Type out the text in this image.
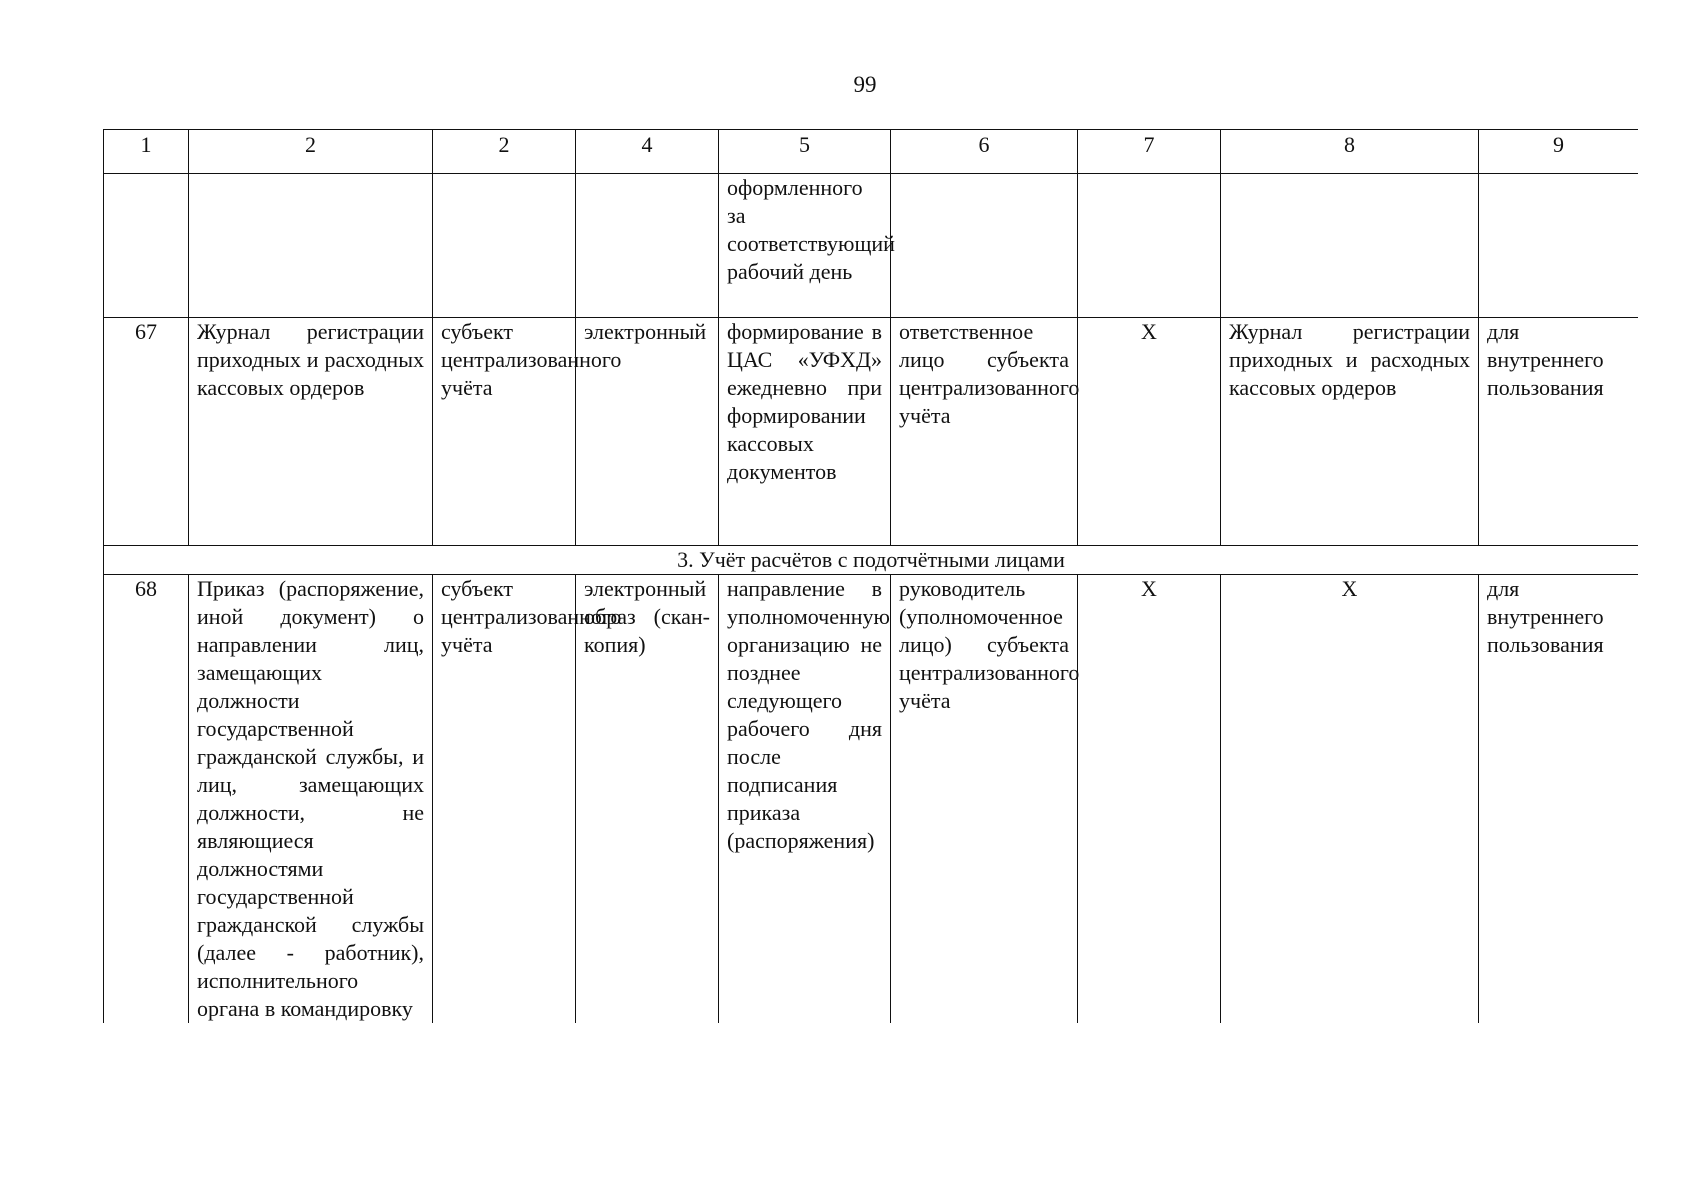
99
1	2	2	4	5	6	7	8	9
				оформленного за соответствующий рабочий день				
67	Журнал регистрации приходных и расходных кассовых ордеров	субъект централизованного учёта	электронный	формирование в ЦАС «УФХД» ежедневно при формировании кассовых документов	ответственное лицо субъекта централизованного учёта	X	Журнал регистрации приходных и расходных кассовых ордеров	для внутреннего пользования
3. Учёт расчётов с подотчётными лицами								
68	Приказ (распоряжение, иной документ) о направлении лиц, замещающих должности государственной гражданской службы, и лиц, замещающих должности, не являющиеся должностями государственной гражданской службы (далее - работник), исполнительного органа в командировку	субъект централизованного учёта	электронный образ (скан-копия)	направление в уполномоченную организацию не позднее следующего рабочего дня после подписания приказа (распоряжения)	руководитель (уполномоченное лицо) субъекта централизованного учёта	X	X	для внутреннего пользования
